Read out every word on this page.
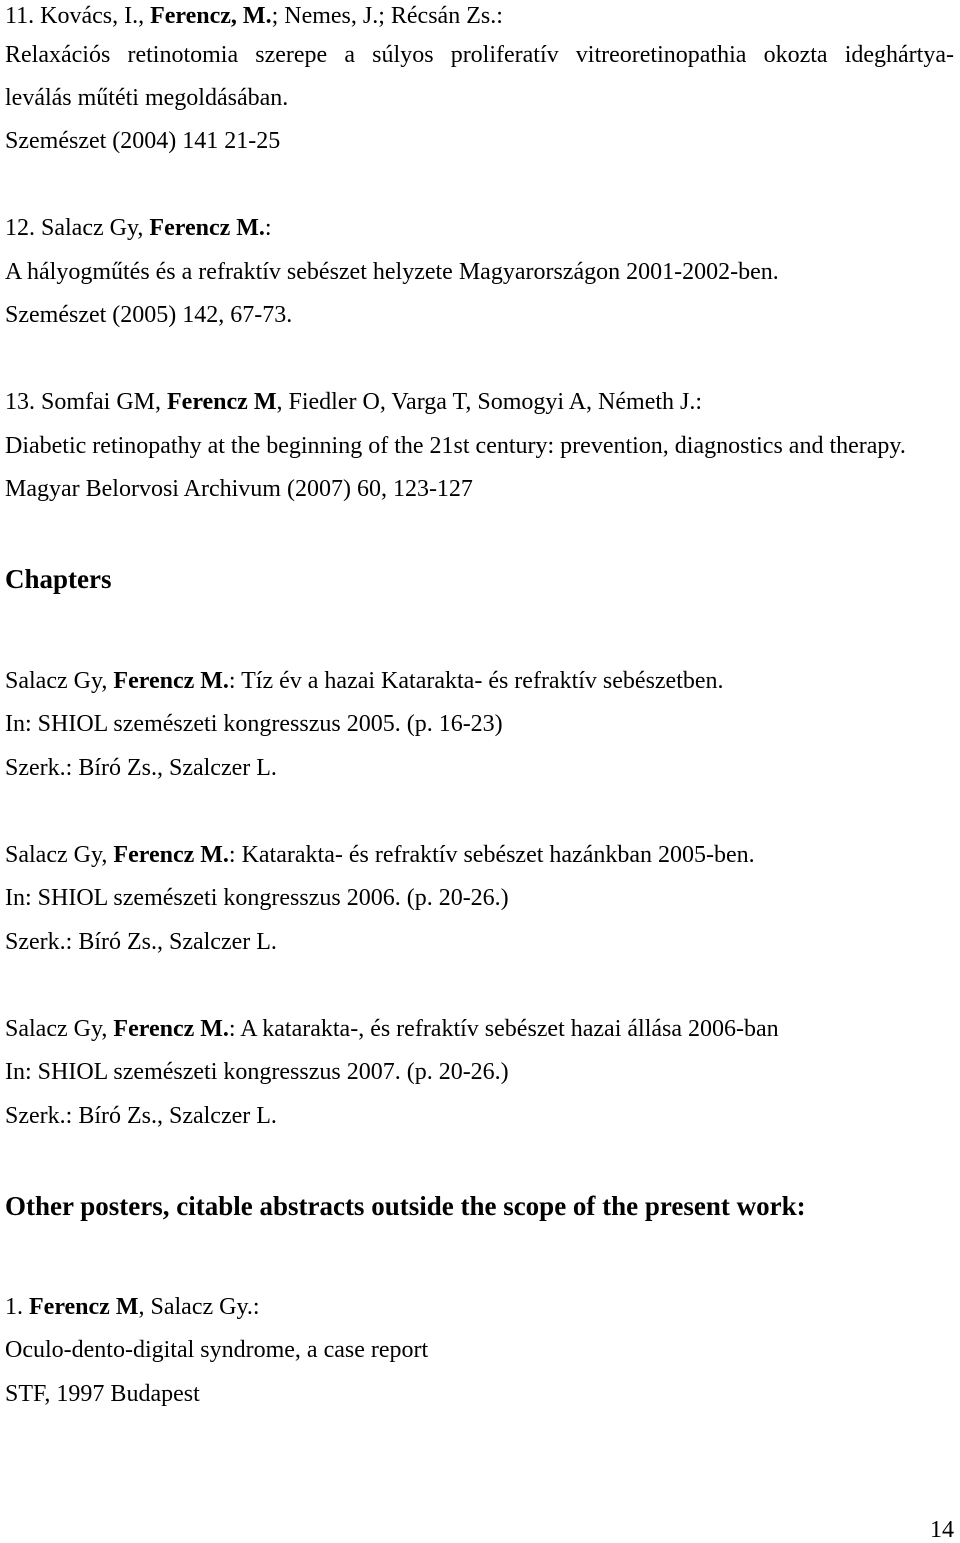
11. Kovács, I., Ferencz, M.; Nemes, J.; Récsán Zs.:
Relaxációs retinotomia szerepe a súlyos proliferatív vitreoretinopathia okozta ideghártya-
leválás műtéti megoldásában.
Szemészet (2004) 141 21-25
12. Salacz Gy, Ferencz M.:
A hályogműtés és a refraktív sebészet helyzete Magyarországon 2001-2002-ben.
Szemészet (2005) 142, 67-73.
13. Somfai GM, Ferencz M, Fiedler O, Varga T, Somogyi A, Németh J.:
Diabetic retinopathy at the beginning of the 21st century: prevention, diagnostics and therapy.
Magyar Belorvosi Archivum (2007) 60, 123-127
Chapters
Salacz Gy, Ferencz M.: Tíz év a hazai Katarakta- és refraktív sebészetben.
In: SHIOL szemészeti kongresszus 2005. (p. 16-23)
Szerk.: Bíró Zs., Szalczer L.
Salacz Gy, Ferencz M.: Katarakta- és refraktív sebészet hazánkban 2005-ben.
In: SHIOL szemészeti kongresszus 2006. (p. 20-26.)
Szerk.: Bíró Zs., Szalczer L.
Salacz Gy, Ferencz M.: A katarakta-, és refraktív sebészet hazai állása 2006-ban
In: SHIOL szemészeti kongresszus 2007. (p. 20-26.)
Szerk.: Bíró Zs., Szalczer L.
Other posters, citable abstracts outside the scope of the present work:
1. Ferencz M, Salacz Gy.:
Oculo-dento-digital syndrome, a case report
STF, 1997 Budapest
14
